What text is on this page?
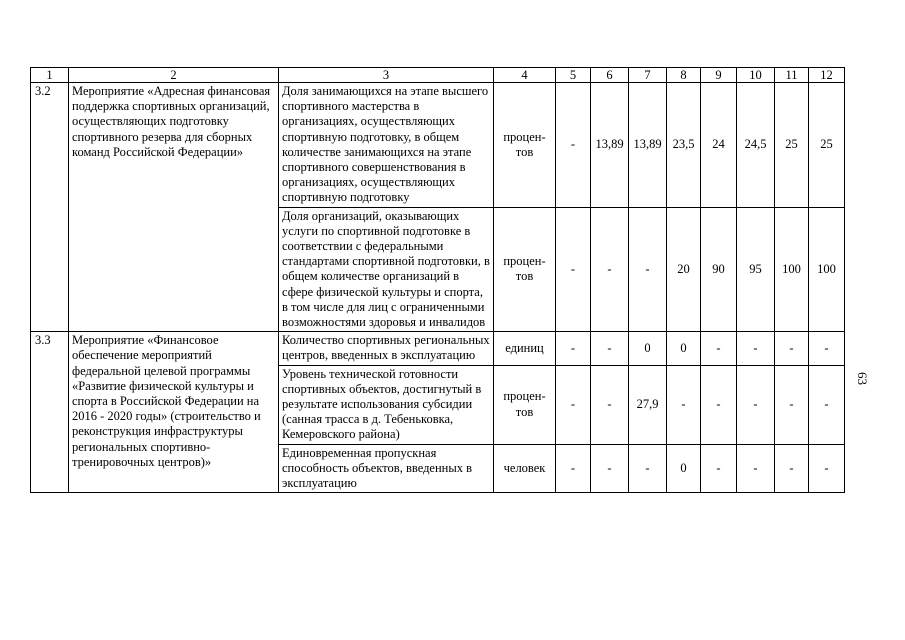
1	2	3	4	5	6	7	8	9	10	11	12
3.2	Мероприятие «Адресная финансовая поддержка спортивных организаций, осуществляющих подготовку спортивного резерва для сборных команд Российской Федерации»	Доля занимающихся на этапе высшего спортивного мастерства в организациях, осуществляющих спортивную подготовку, в общем количестве занимающихся на этапе спортивного совершенствования в организациях, осуществляющих спортивную подготовку	процен-тов	-	13,89	13,89	23,5	24	24,5	25	25
		Доля организаций, оказывающих услуги по спортивной подготовке в соответствии с федеральными стандартами спортивной подготовки, в общем количестве организаций в сфере физической культуры и спорта, в том числе для лиц с ограниченными возможностями здоровья и инвалидов	процен-тов	-	-	-	20	90	95	100	100
3.3	Мероприятие «Финансовое обеспечение мероприятий федеральной целевой программы «Развитие физической культуры и спорта в Российской Федерации на 2016 - 2020 годы» (строительство и реконструкция инфраструктуры региональных спортивно-тренировочных центров)»	Количество спортивных региональных центров, введенных в эксплуатацию	единиц	-	-	0	0	-	-	-	-
		Уровень технической готовности спортивных объектов, достигнутый в результате использования субсидии (санная трасса в д. Тебеньковка, Кемеровского района)	процен-тов	-	-	27,9	-	-	-	-	-
		Единовременная пропускная способность объектов, введенных в эксплуатацию	человек	-	-	-	0	-	-	-	-
63
